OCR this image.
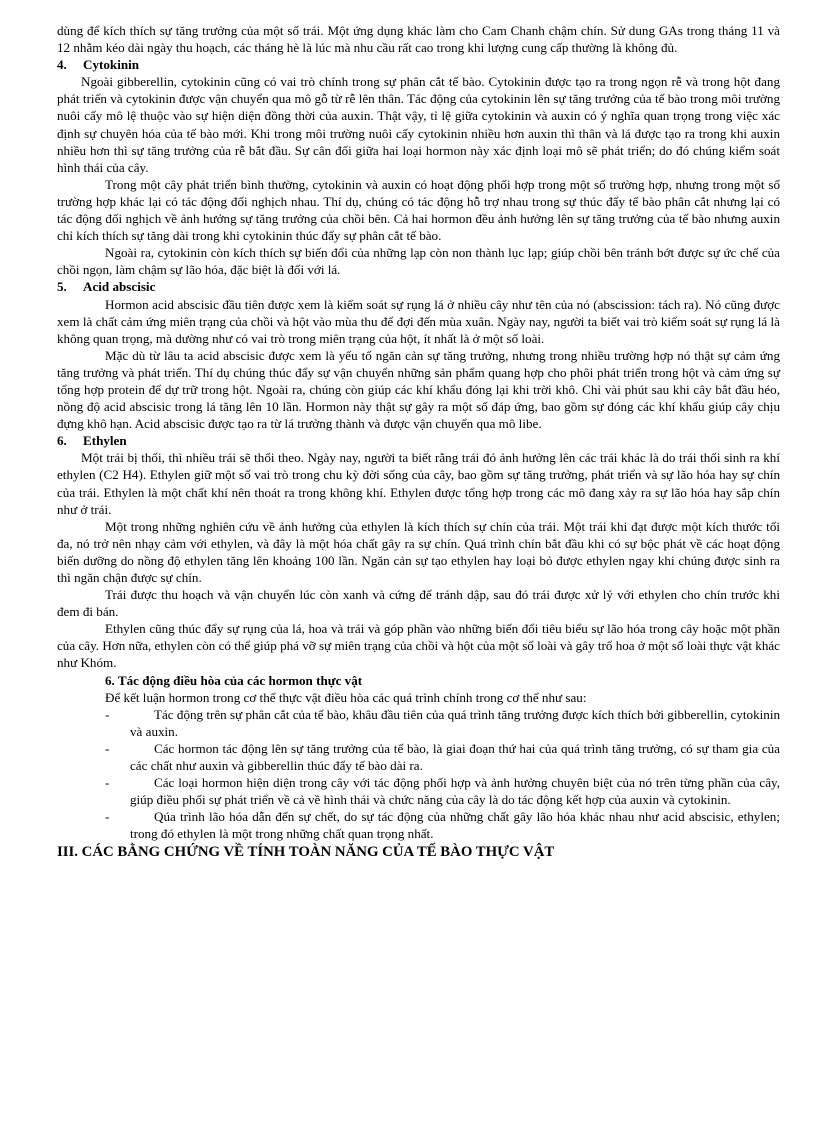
dùng để kích thích sự tăng trưởng của một số trái. Một ứng dụng khác làm cho Cam Chanh chậm chín. Sử dung GAs trong tháng 11 và 12 nhằm kéo dài ngày thu hoạch, các tháng hè là lúc mà nhu cầu rất cao trong khi lượng cung cấp thường là không đủ.

4. Cytokinin

Ngoài gibberellin, cytokinin cũng có vai trò chính trong sự phân cắt tế bào. Cytokinin được tạo ra trong ngọn rễ và trong hột đang phát triển và cytokinin được vận chuyển qua mô gỗ từ rễ lên thân. Tác động của cytokinin lên sự tăng trưởng của tế bào trong môi trường nuôi cấy mô lệ thuộc vào sự hiện diện đồng thời của auxin. Thật vậy, tỉ lệ giữa cytokinin và auxin có ý nghĩa quan trọng trong việc xác định sự chuyên hóa của tế bào mới. Khi trong môi trường nuôi cấy cytokinin nhiều hơn auxin thì thân và lá được tạo ra trong khi auxin nhiều hơn thì sự tăng trưởng của rễ bắt đầu. Sự cân đối giữa hai loại hormon này xác định loại mô sẽ phát triển; do đó chúng kiểm soát hình thái của cây.

Trong một cây phát triển bình thường, cytokinin và auxin có hoạt động phối hợp trong một số trường hợp, nhưng trong một số trường hợp khác lại có tác động đối nghịch nhau. Thí dụ, chúng có tác động hỗ trợ nhau trong sự thúc đẩy tế bào phân cắt nhưng lại có tác động đối nghịch về ảnh hưởng sự tăng trưởng của chồi bên. Cả hai hormon đều ảnh hưởng lên sự tăng trưởng của tế bào nhưng auxin chỉ kích thích sự tăng dài trong khi cytokinin thúc đẩy sự phân cắt tế bào.

Ngoài ra, cytokinin còn kích thích sự biến đổi của những lạp còn non thành lục lạp; giúp chồi bên tránh bớt được sự ức chế của chồi ngọn, làm chậm sự lão hóa, đặc biệt là đối với lá.

5. Acid abscisic

Hormon acid abscisic đầu tiên được xem là kiểm soát sự rụng lá ở nhiều cây như tên của nó (abscission: tách ra). Nó cũng được xem là chất cảm ứng miên trạng của chồi và hột vào mùa thu để đợi đến mùa xuân. Ngày nay, người ta biết vai trò kiểm soát sự rụng lá là không quan trọng, mà dường như có vai trò trong miên trạng của hột, ít nhất là ở một số loài.

Mặc dù từ lâu ta acid abscisic được xem là yếu tố ngăn cản sự tăng trưởng, nhưng trong nhiều trường hợp nó thật sự cảm ứng tăng trưởng và phát triển. Thí dụ chúng thúc đẩy sự vận chuyển những sản phẩm quang hợp cho phôi phát triển trong hột và cảm ứng sự tổng hợp protein để dự trữ trong hột. Ngoài ra, chúng còn giúp các khí khẩu đóng lại khi trời khô. Chỉ vài phút sau khi cây bắt đầu héo, nồng độ acid abscisic trong lá tăng lên 10 lần. Hormon này thật sự gây ra một số đáp ứng, bao gồm sự đóng các khí khẩu giúp cây chịu đựng khô hạn. Acid abscisic được tạo ra từ lá trưởng thành và được vận chuyển qua mô libe.

6. Ethylen

Một trái bị thối, thì nhiều trái sẽ thối theo. Ngày nay, người ta biết rằng trái đó ảnh hưởng lên các trái khác là do trái thối sinh ra khí ethylen (C2 H4). Ethylen giữ một số vai trò trong chu kỳ đời sống của cây, bao gồm sự tăng trưởng, phát triển và sự lão hóa hay sự chín của trái. Ethylen là một chất khí nên thoát ra trong không khí. Ethylen được tổng hợp trong các mô đang xảy ra sự lão hóa hay sắp chín như ở trái.

Một trong những nghiên cứu về ảnh hưởng của ethylen là kích thích sự chín của trái. Một trái khi đạt được một kích thước tối đa, nó trở nên nhạy cảm với ethylen, và đây là một hóa chất gây ra sự chín. Quá trình chín bắt đầu khi có sự bộc phát về các hoạt động biến dưỡng do nồng độ ethylen tăng lên khoảng 100 lần. Ngăn cản sự tạo ethylen hay loại bỏ được ethylen ngay khi chúng được sinh ra thì ngăn chận được sự chín.

Trái được thu hoạch và vận chuyển lúc còn xanh và cứng để tránh dập, sau đó trái được xử lý với ethylen cho chín trước khi đem đi bán.

Ethylen cũng thúc đẩy sự rụng của lá, hoa và trái và góp phần vào những biến đổi tiêu biểu sự lão hóa trong cây hoặc một phần của cây. Hơn nữa, ethylen còn có thể giúp phá vỡ sự miên trạng của chồi và hột của một số loài và gây trổ hoa ở một số loài thực vật khác như Khóm.

6. Tác động điều hòa của các hormon thực vật
Để kết luận hormon trong cơ thể thực vật điều hòa các quá trình chính trong cơ thể như sau:
-	Tác động trên sự phân cắt của tế bào, khâu đầu tiên của quá trình tăng trưởng được kích thích bởi gibberellin, cytokinin và auxin.
-	Các hormon tác động lên sự tăng trưởng của tế bào, là giai đoạn thứ hai của quá trình tăng trưởng, có sự tham gia của các chất như auxin và gibberellin thúc đẩy tế bào dài ra.
-	Các loại hormon hiện diện trong cây với tác động phối hợp và ảnh hưởng chuyên biệt của nó trên từng phần của cây, giúp điều phối sự phát triển về cả về hình thái và chức năng của cây là do tác động kết hợp của auxin và cytokinin.
-	Qúa trình lão hóa dẫn đến sự chết, do sự tác động của những chất gây lão hóa khác nhau như acid abscisic, ethylen; trong đó ethylen là một trong những chất quan trọng nhất.
III. CÁC BẰNG CHỨNG VỀ TÍNH TOÀN NĂNG CỦA TẾ BÀO THỰC VẬT
